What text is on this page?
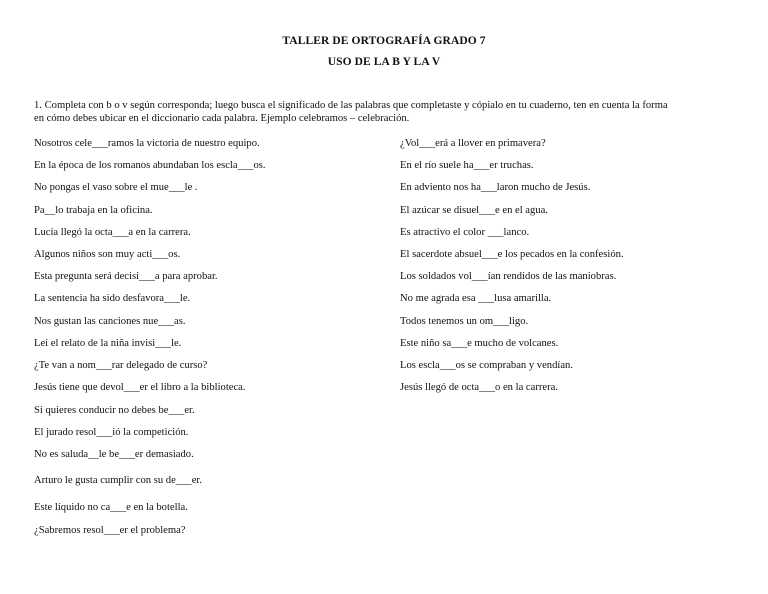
TALLER DE ORTOGRAFÍA GRADO 7
USO DE LA B Y LA V
1. Completa con b o v según corresponda; luego busca el significado de las palabras que completaste y cópialo en tu cuaderno, ten en cuenta la forma
en cómo debes ubicar en el diccionario cada palabra. Ejemplo celebramos – celebración.
Nosotros cele___ramos la victoria de nuestro equipo.
En la época de los romanos abundaban los escla___os.
No pongas el vaso sobre el mue___le .
Pa__lo trabaja en la oficina.
Lucía llegó la octa___a en la carrera.
Algunos niños son muy acti___os.
Esta pregunta será decisi___a para aprobar.
La sentencia ha sido desfavora___le.
Nos gustan las canciones nue___as.
Leí el relato de la niña invisi___le.
¿Te van a nom___rar delegado de curso?
Jesús tiene que devol___er el libro a la biblioteca.
Si quieres conducir no debes be___er.
El jurado resol___ió la competición.
No es saluda__le be___er demasiado.
Arturo le gusta cumplir con su de___er.
Este líquido no ca___e en la botella.
¿Sabremos resol___er el problema?
¿Vol___erá a llover en primavera?
En el río suele ha___er truchas.
En adviento nos ha___laron mucho de Jesús.
El azúcar se disuel___e en el agua.
Es atractivo el color ___lanco.
El sacerdote absuel___e los pecados en la confesión.
Los soldados vol___ían rendidos de las maniobras.
No me agrada esa ___lusa amarilla.
Todos tenemos un om___ligo.
Este niño sa___e mucho de volcanes.
Los escla___os se compraban y vendían.
Jesús llegó de octa___o en la carrera.
